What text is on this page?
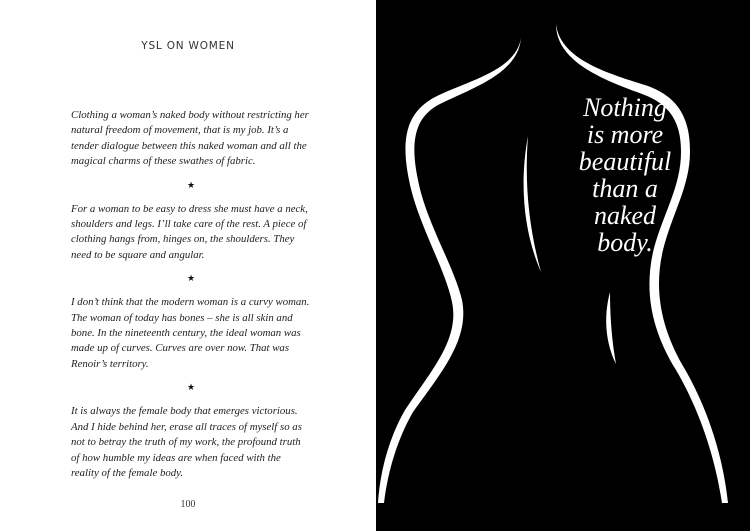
YSL ON WOMEN

Clothing a woman’s naked body without restricting her natural freedom of movement, that is my job. It’s a tender dialogue between this naked woman and all the magical charms of these swathes of fabric.

★

For a woman to be easy to dress she must have a neck, shoulders and legs. I’ll take care of the rest. A piece of clothing hangs from, hinges on, the shoulders. They need to be square and angular.

★

I don’t think that the modern woman is a curvy woman. The woman of today has bones – she is all skin and bone. In the nineteenth century, the ideal woman was made up of curves. Curves are over now. That was Renoir’s territory.

★

It is always the female body that emerges victorious. And I hide behind her, erase all traces of myself so as not to betray the truth of my work, the profound truth of how humble my ideas are when faced with the reality of the female body.

100
Nothing
is more
beautiful
than a
naked
body.
